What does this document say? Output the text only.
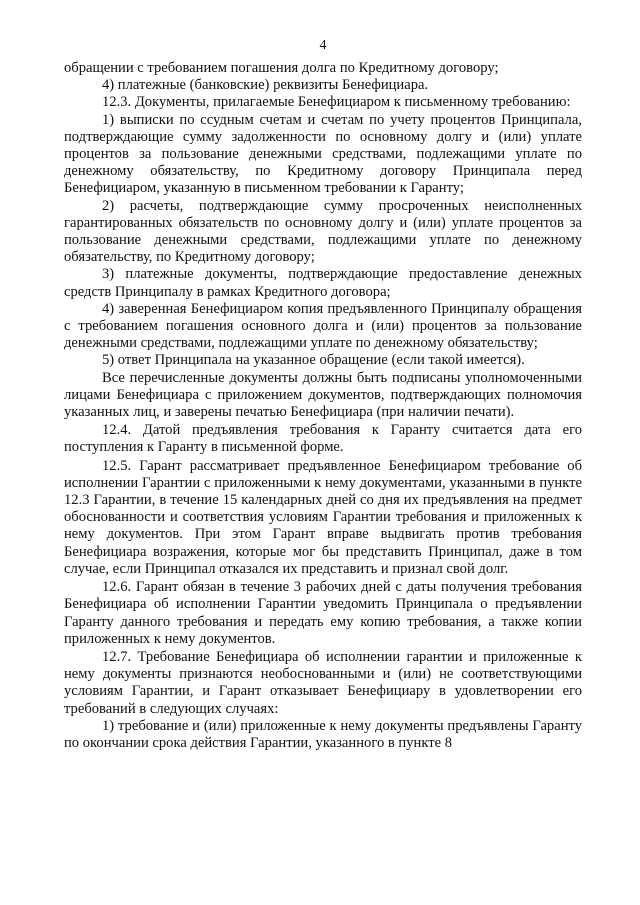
4

обращении с требованием погашения долга по Кредитному договору;

4) платежные (банковские) реквизиты Бенефициара.

12.3. Документы, прилагаемые Бенефициаром к письменному требованию:

1) выписки по ссудным счетам и счетам по учету процентов Принципала, подтверждающие сумму задолженности по основному долгу и (или) уплате процентов за пользование денежными средствами, подлежащими уплате по денежному обязательству, по Кредитному договору Принципала перед Бенефициаром, указанную в письменном требовании к Гаранту;

2) расчеты, подтверждающие сумму просроченных неисполненных гарантированных обязательств по основному долгу и (или) уплате процентов за пользование денежными средствами, подлежащими уплате по денежному обязательству, по Кредитному договору;

3) платежные документы, подтверждающие предоставление денежных средств Принципалу в рамках Кредитного договора;

4) заверенная Бенефициаром копия предъявленного Принципалу обращения с требованием погашения основного долга и (или) процентов за пользование денежными средствами, подлежащими уплате по денежному обязательству;

5) ответ Принципала на указанное обращение (если такой имеется).

Все перечисленные документы должны быть подписаны уполномоченными лицами Бенефициара с приложением документов, подтверждающих полномочия указанных лиц, и заверены печатью Бенефициара (при наличии печати).

12.4. Датой предъявления требования к Гаранту считается дата его поступления к Гаранту в письменной форме.

12.5. Гарант рассматривает предъявленное Бенефициаром требование об исполнении Гарантии с приложенными к нему документами, указанными в пункте 12.3 Гарантии, в течение 15 календарных дней со дня их предъявления на предмет обоснованности и соответствия условиям Гарантии требования и приложенных к нему документов. При этом Гарант вправе выдвигать против требования Бенефициара возражения, которые мог бы представить Принципал, даже в том случае, если Принципал отказался их представить и признал свой долг.

12.6. Гарант обязан в течение 3 рабочих дней с даты получения требования Бенефициара об исполнении Гарантии уведомить Принципала о предъявлении Гаранту данного требования и передать ему копию требования, а также копии приложенных к нему документов.

12.7. Требование Бенефициара об исполнении гарантии и приложенные к нему документы признаются необоснованными и (или) не соответствующими условиям Гарантии, и Гарант отказывает Бенефициару в удовлетворении его требований в следующих случаях:

1) требование и (или) приложенные к нему документы предъявлены Гаранту по окончании срока действия Гарантии, указанного в пункте 8
